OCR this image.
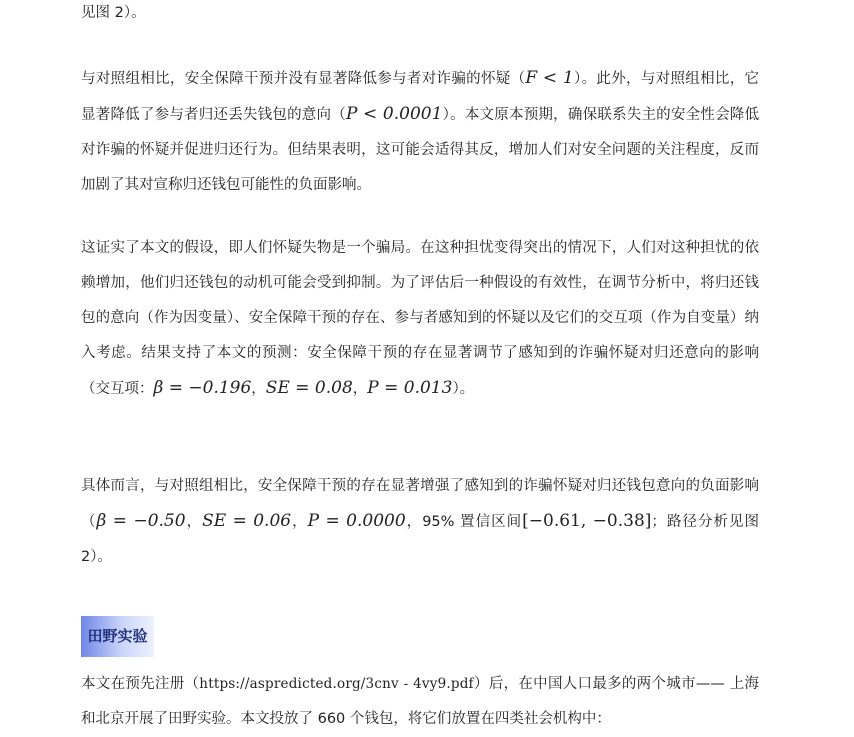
见图 2）。

与对照组相比，安全保障干预并没有显著降低参与者对诈骗的怀疑（F < 1）。此外，与对照组相比，它显著降低了参与者归还丢失钱包的意向（P < 0.0001）。本文原本预期，确保联系失主的安全性会降低对诈骗的怀疑并促进归还行为。但结果表明，这可能会适得其反，增加人们对安全问题的关注程度，反而加剧了其对宣称归还钱包可能性的负面影响。

这证实了本文的假设，即人们怀疑失物是一个骗局。在这种担忧变得突出的情况下，人们对这种担忧的依赖增加，他们归还钱包的动机可能会受到抑制。为了评估后一种假设的有效性，在调节分析中，将归还钱包的意向（作为因变量）、安全保障干预的存在、参与者感知到的怀疑以及它们的交互项（作为自变量）纳入考虑。结果支持了本文的预测：安全保障干预的存在显著调节了感知到的诈骗怀疑对归还意向的影响（交互项：β = −0.196，SE = 0.08，P = 0.013）。

具体而言，与对照组相比，安全保障干预的存在显著增强了感知到的诈骗怀疑对归还钱包意向的负面影响（β = −0.50，SE = 0.06，P = 0.0000，95% 置信区间[−0.61, −0.38]；路径分析见图 2）。

田野实验

本文在预先注册（https://aspredicted.org/3cnv - 4vy9.pdf）后，在中国人口最多的两个城市—— 上海和北京开展了田野实验。本文投放了 660 个钱包，将它们放置在四类社会机构中：
